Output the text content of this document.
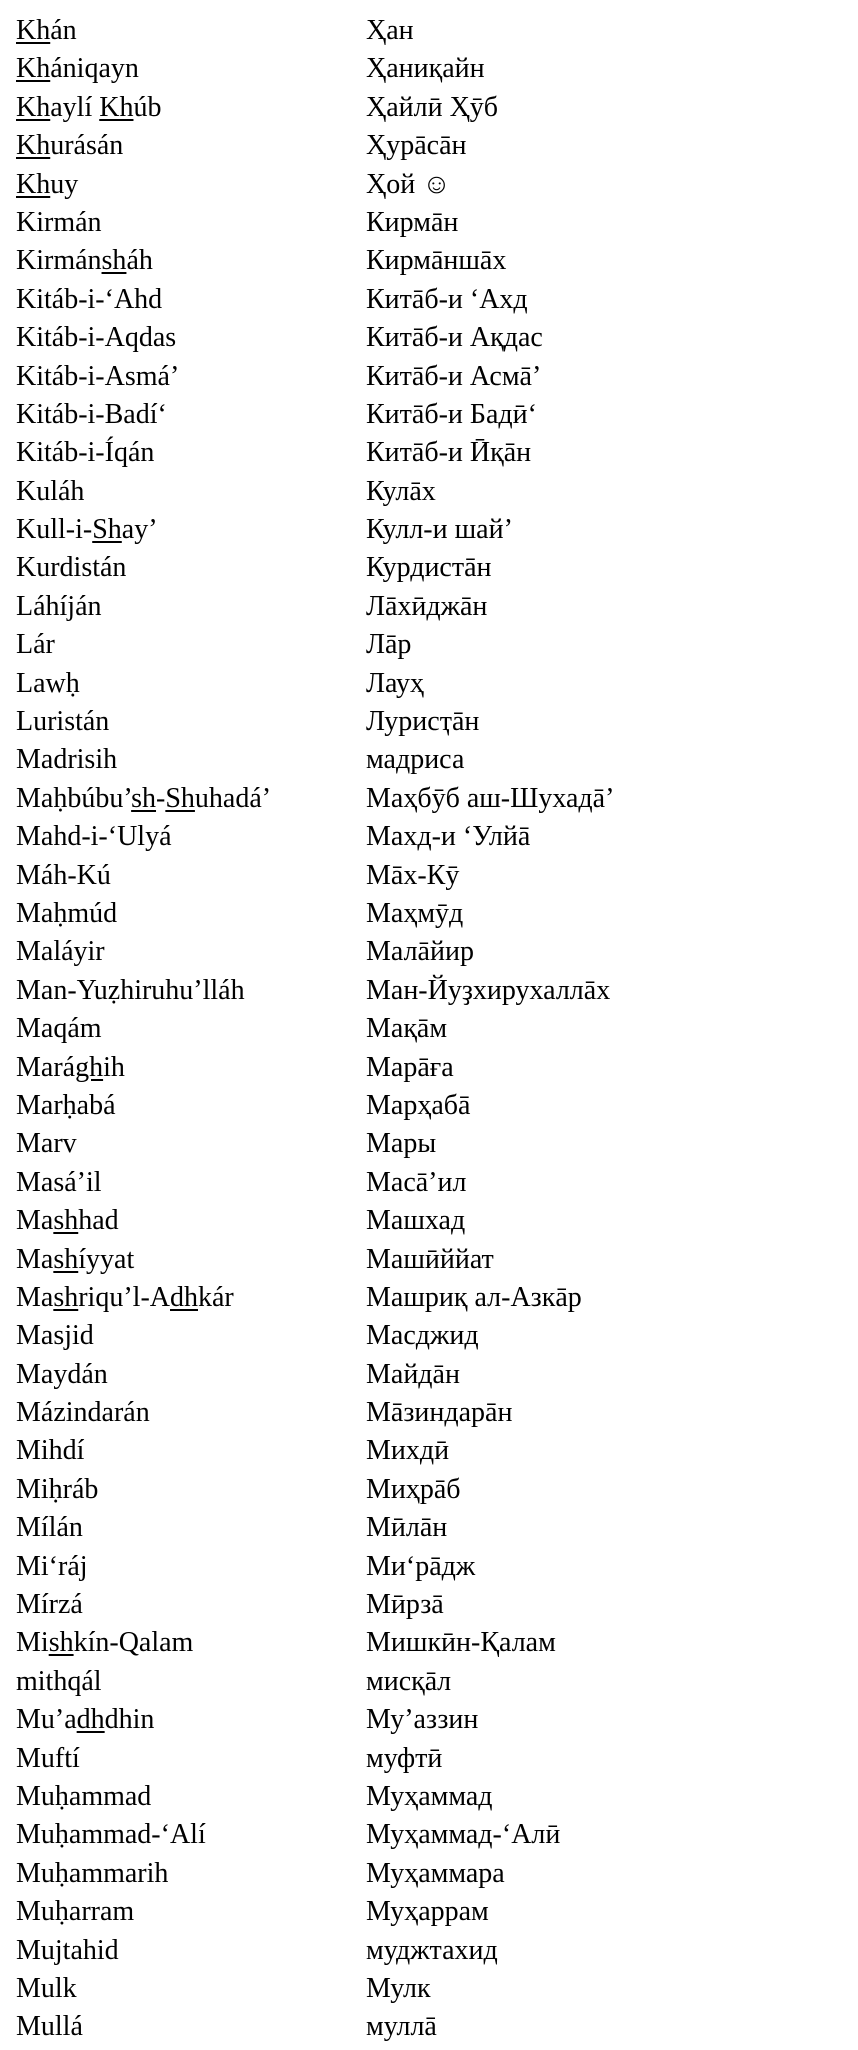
Khán	Ҳан
Khániqayn	Ҳаниқайн
Khaylí Khúb	Ҳайлӣ Ҳӯб
Khurásán	Ҳурāсāн
Khuy	Ҳой ☺
Kirmán	Кирмāн
Kirmánsháh	Кирмāншāх
Kitáb-i-‘Ahd	Китāб-и ‘Ахд
Kitáb-i-Aqdas	Китāб-и Ақдас
Kitáb-i-Asmá’	Китāб-и Асмā’
Kitáb-i-Badí‘	Китāб-и Бадӣ‘
Kitáb-i-Íqán	Китāб-и Ӣқāн
Kuláh	Кулāх
Kull-i-Shay’	Кулл-и шай’
Kurdistán	Курдистāн
Láhíján	Лāхӣджāн
Lár	Лāр
Lawḥ	Лауҳ
Luristán	Лурисҭāн
Madrisih	мадриса
Maḥbúbu’sh-Shuhadá’	Маҳбӯб аш-Шухадā’
Mahd-i-‘Ulyá	Махд-и ‘Улйā
Máh-Kú	Мāх-Кӯ
Maḥmúd	Маҳмӯд
Maláyir	Малāйир
Man-Yuẓhiruhu’lláh	Ман-Йуҙхирухаллāх
Maqám	Мақāм
Marághih	Марāға
Marḥabá	Марҳабā
Marv	Мары
Masá’il	Масā’ил
Mashhad	Машхад
Mashíyyat	Машӣййат
Mashriqu’l-Adhkár	Машриқ ал-Азкāр
Masjid	Масджид
Maydán	Майдāн
Mázindarán	Мāзиндарāн
Mihdí	Михдӣ
Miḥráb	Миҳрāб
Mílán	Мӣлāн
Mi‘ráj	Ми‘рāдж
Mírzá	Мӣрзā
Mishkín-Qalam	Мишкӣн-Қалам
mithqál	мисқāл
Mu’adhdhin	Му’аззин
Muftí	муфтӣ
Muḥammad	Муҳаммад
Muḥammad-‘Alí	Муҳаммад-‘Алӣ
Muḥammarih	Муҳаммара
Muḥarram	Муҳаррам
Mujtahid	муджтахид
Mulk	Мулк
Mullá	муллā
